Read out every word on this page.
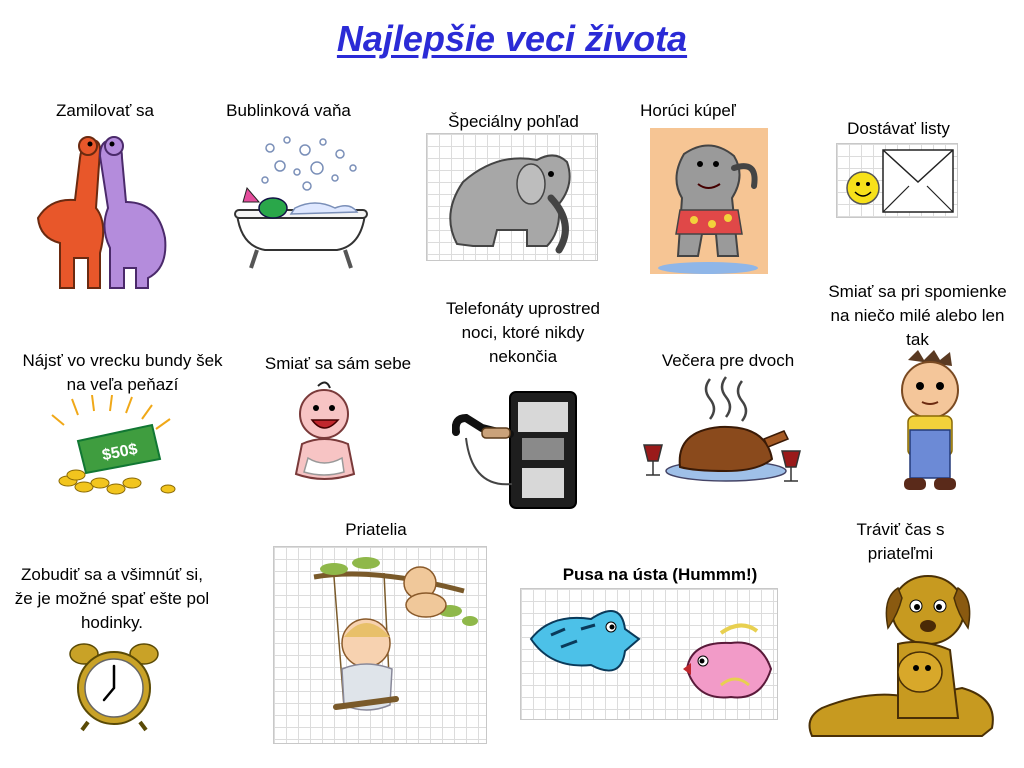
Najlepšie veci života
Zamilovať sa	Bublinková vaňa
Špeciálny pohľad
Horúci kúpeľ
Dostávať listy
Nájsť vo vrecku bundy šek na veľa peňazí
$50$
Smiať sa sám sebe
Telefonáty uprostred noci, ktoré nikdy nekončia	Večera pre dvoch
Smiať sa pri spomienke na niečo milé alebo len tak
Priatelia	Tráviť čas s priateľmi
Zobudiť sa a všimnúť si, že je možné spať ešte pol hodinky.
Pusa na ústa (Hummm!)
